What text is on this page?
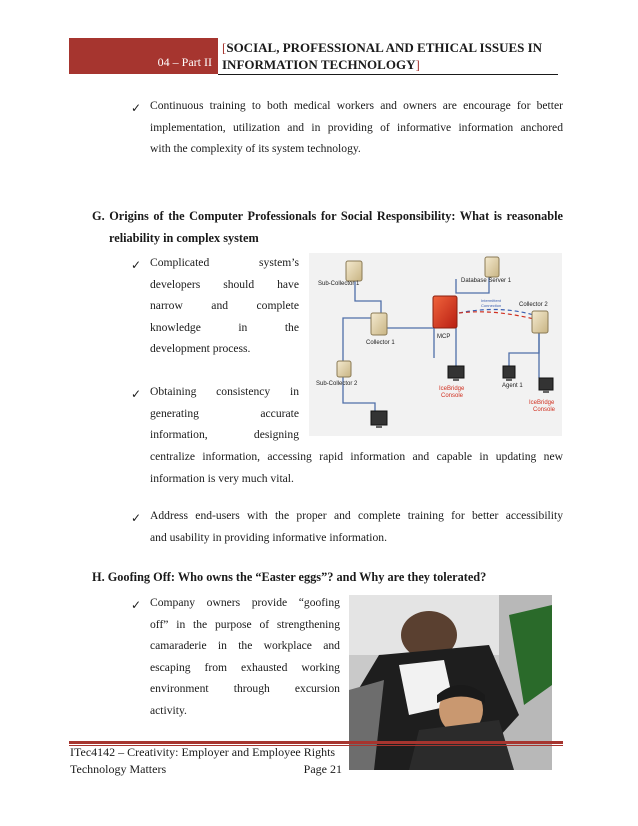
04 – Part II
[SOCIAL, PROFESSIONAL AND ETHICAL ISSUES IN
INFORMATION TECHNOLOGY]
✓ Continuous training to both medical workers and owners are encourage for better
implementation, utilization and in providing of informative information anchored
with the complexity of its system technology.
G. Origins of the Computer Professionals for Social Responsibility: What is reasonable
reliability in complex system
✓ Complicated	system’s
developers should have
narrow and complete
knowledge	in	the
development process.
Sub-Collector 1	Database Server 1
Collector 2
Collector 1
MCP
Sub-Collector 2	Agent 1
Intermittent
Connection
IceBridge
Console
IceBridge
Console
✓ Obtaining consistency in
generating	accurate
information,	designing
centralize information, accessing rapid information and capable in updating new
information is very much vital.
✓ Address end-users with the proper and complete training for better accessibility
and usability in providing informative information.
H. Goofing Off: Who owns the “Easter eggs”? and Why are they tolerated?
✓ Company owners provide “goofing
off” in the purpose of strengthening
camaraderie in the workplace and
escaping from exhausted working
environment through excursion
activity.
ITec4142 – Creativity: Employer and Employee Rights
Technology Matters	Page 21
